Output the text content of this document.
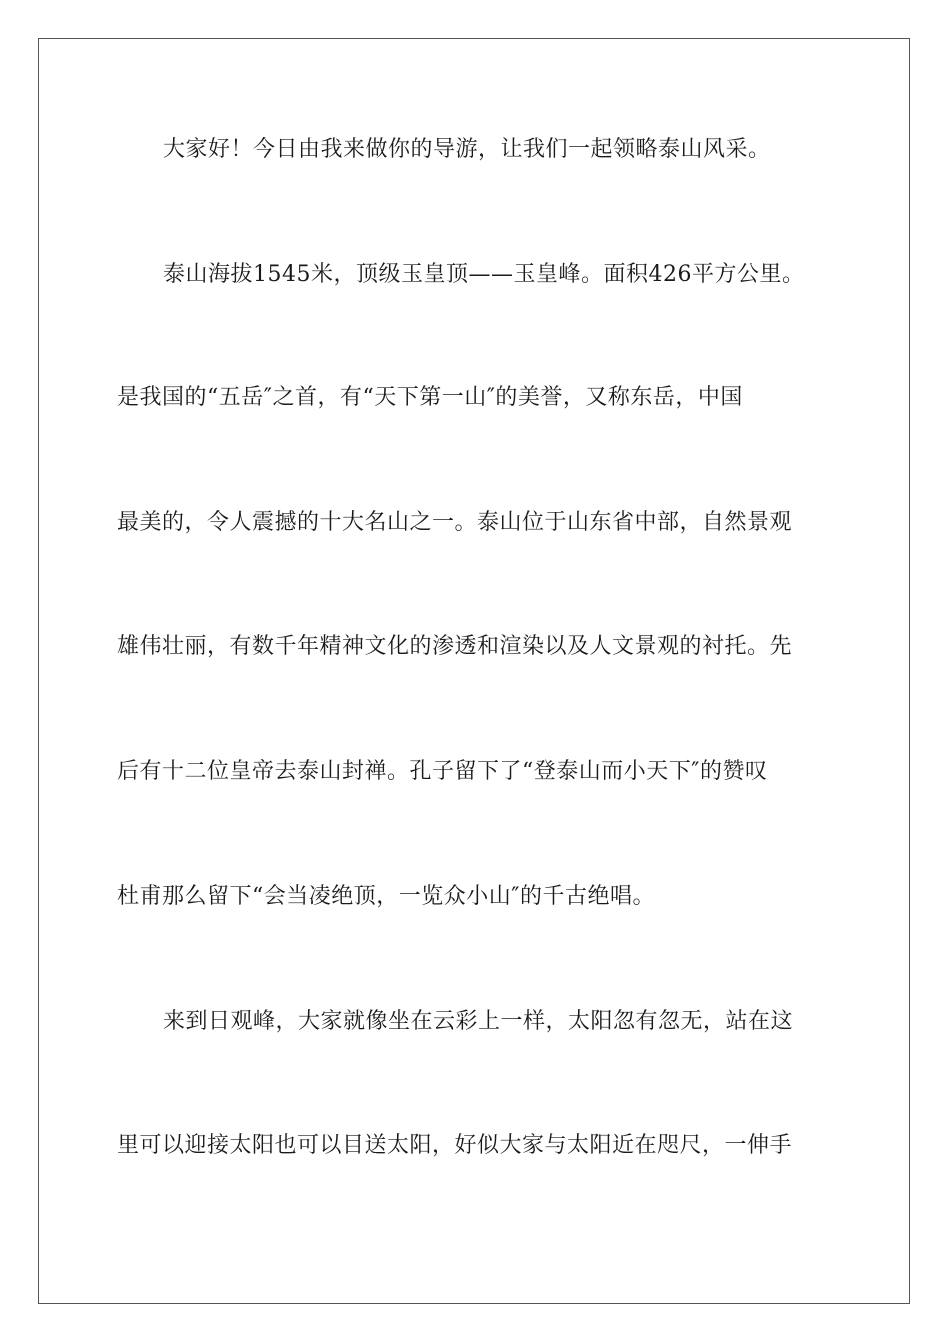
大家好！今日由我来做你的导游，让我们一起领略泰山风采。
泰山海拔1545米，顶级玉皇顶——玉皇峰。面积426平方公里。
是我国的“五岳″之首，有“天下第一山″的美誉，又称东岳，中国
最美的，令人震撼的十大名山之一。泰山位于山东省中部，自然景观
雄伟壮丽，有数千年精神文化的渗透和渲染以及人文景观的衬托。先
后有十二位皇帝去泰山封禅。孔子留下了“登泰山而小天下″的赞叹
杜甫那么留下“会当凌绝顶，一览众小山″的千古绝唱。
来到日观峰，大家就像坐在云彩上一样，太阳忽有忽无，站在这
里可以迎接太阳也可以目送太阳，好似大家与太阳近在咫尺，一伸手
